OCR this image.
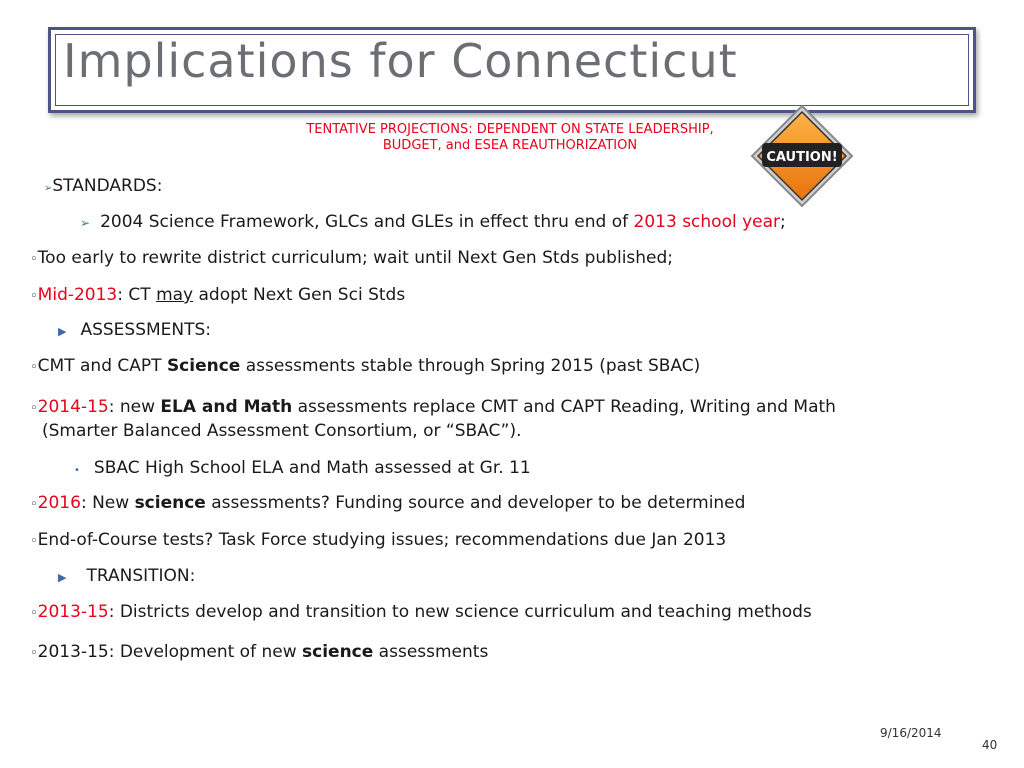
Implications for Connecticut
TENTATIVE PROJECTIONS: DEPENDENT ON STATE LEADERSHIP,
BUDGET, and ESEA REAUTHORIZATION
CAUTION!
➢STANDARDS:
➢ 2004 Science Framework, GLCs and GLEs in effect thru end of 2013 school year;
◦Too early to rewrite district curriculum; wait until Next Gen Stds published;
◦Mid-2013: CT may adopt Next Gen Sci Stds
▶ ASSESSMENTS:
◦CMT and CAPT Science assessments stable through Spring 2015 (past SBAC)
◦2014-15: new ELA and Math assessments replace CMT and CAPT Reading, Writing and Math
(Smarter Balanced Assessment Consortium, or “SBAC”).
• SBAC High School ELA and Math assessed at Gr. 11
◦2016: New science assessments? Funding source and developer to be determined
◦End-of-Course tests? Task Force studying issues; recommendations due Jan 2013
▶ TRANSITION:
◦2013-15: Districts develop and transition to new science curriculum and teaching methods
◦2013-15: Development of new science assessments
9/16/2014
40
